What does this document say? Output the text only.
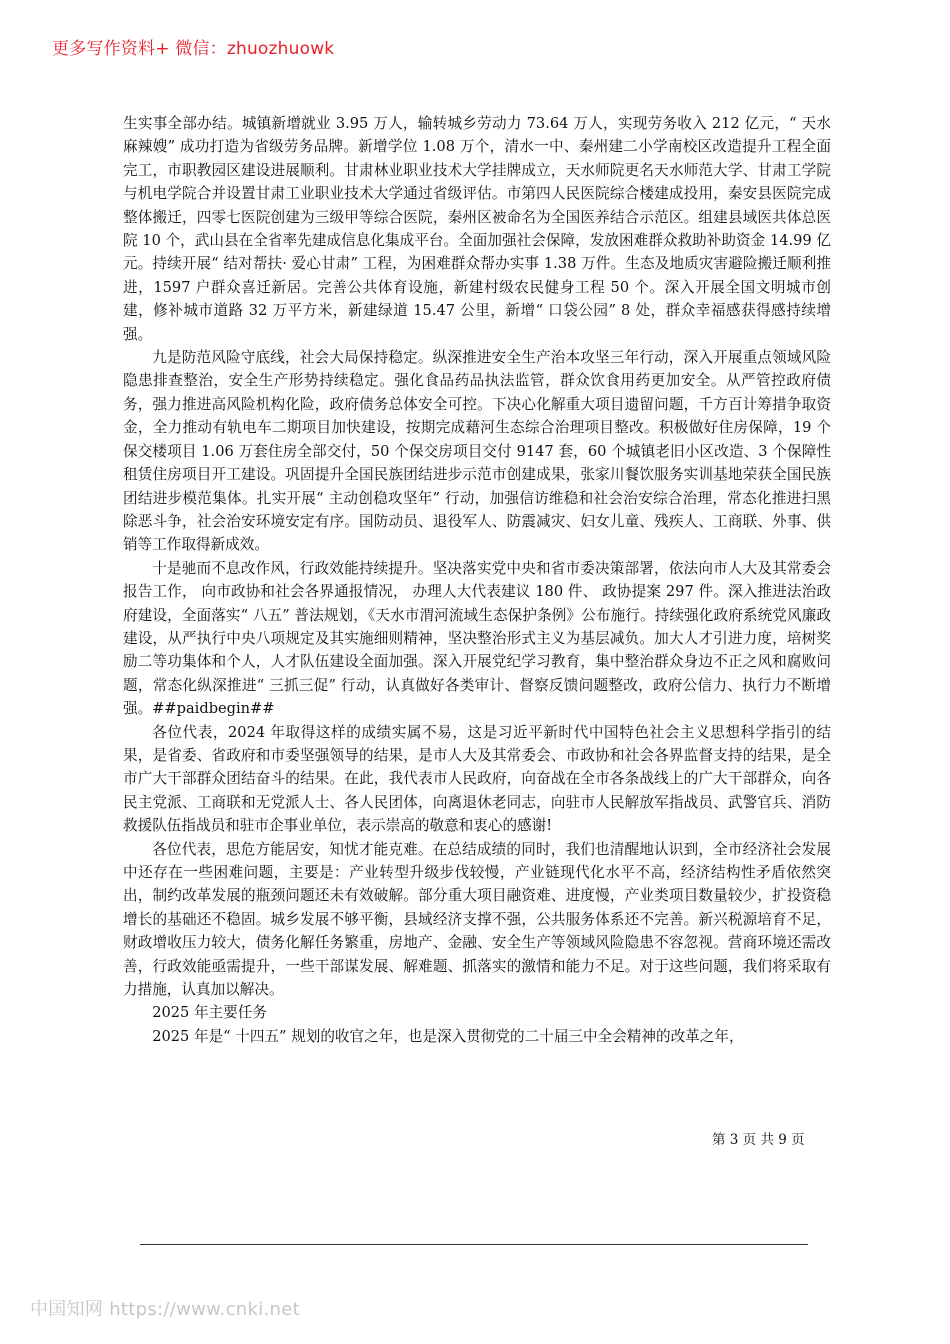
更多写作资料+ 微信：zhuozhuowk

生实事全部办结。城镇新增就业 3.95 万人，输转城乡劳动力 73.64 万人，实现劳务收入 212 亿元，“ 天水麻辣嫂” 成功打造为省级劳务品牌。新增学位 1.08 万个，清水一中、秦州建二小学南校区改造提升工程全面完工，市职教园区建设进展顺利。甘肃林业职业技术大学挂牌成立，天水师院更名天水师范大学、甘肃工学院与机电学院合并设置甘肃工业职业技术大学通过省级评估。市第四人民医院综合楼建成投用，秦安县医院完成整体搬迁，四零七医院创建为三级甲等综合医院，秦州区被命名为全国医养结合示范区。组建县域医共体总医院 10 个，武山县在全省率先建成信息化集成平台。全面加强社会保障，发放困难群众救助补助资金 14.99 亿元。持续开展“ 结对帮扶· 爱心甘肃” 工程，为困难群众帮办实事 1.38 万件。生态及地质灾害避险搬迁顺利推进，1597 户群众喜迁新居。完善公共体育设施，新建村级农民健身工程 50 个。深入开展全国文明城市创建，修补城市道路 32 万平方米，新建绿道 15.47 公里，新增“ 口袋公园” 8 处，群众幸福感获得感持续增强。

九是防范风险守底线，社会大局保持稳定。纵深推进安全生产治本攻坚三年行动，深入开展重点领域风险隐患排查整治，安全生产形势持续稳定。强化食品药品执法监管，群众饮食用药更加安全。从严管控政府债务，强力推进高风险机构化险，政府债务总体安全可控。下决心化解重大项目遗留问题，千方百计筹措争取资金，全力推动有轨电车二期项目加快建设，按期完成藉河生态综合治理项目整改。积极做好住房保障，19 个保交楼项目 1.06 万套住房全部交付，50 个保交房项目交付 9147 套，60 个城镇老旧小区改造、3 个保障性租赁住房项目开工建设。巩固提升全国民族团结进步示范市创建成果，张家川餐饮服务实训基地荣获全国民族团结进步模范集体。扎实开展“ 主动创稳攻坚年” 行动，加强信访维稳和社会治安综合治理，常态化推进扫黑除恶斗争，社会治安环境安定有序。国防动员、退役军人、防震减灾、妇女儿童、残疾人、工商联、外事、供销等工作取得新成效。

十是驰而不息改作风，行政效能持续提升。坚决落实党中央和省市委决策部署，依法向市人大及其常委会报告工作， 向市政协和社会各界通报情况， 办理人大代表建议 180 件、 政协提案 297 件。深入推进法治政府建设，全面落实“ 八五” 普法规划，《天水市渭河流域生态保护条例》公布施行。持续强化政府系统党风廉政建设，从严执行中央八项规定及其实施细则精神，坚决整治形式主义为基层减负。加大人才引进力度，培树奖励二等功集体和个人，人才队伍建设全面加强。深入开展党纪学习教育，集中整治群众身边不正之风和腐败问题，常态化纵深推进“ 三抓三促” 行动，认真做好各类审计、督察反馈问题整改，政府公信力、执行力不断增强。##paidbegin##

各位代表，2024 年取得这样的成绩实属不易，这是习近平新时代中国特色社会主义思想科学指引的结果，是省委、省政府和市委坚强领导的结果，是市人大及其常委会、市政协和社会各界监督支持的结果，是全市广大干部群众团结奋斗的结果。在此，我代表市人民政府，向奋战在全市各条战线上的广大干部群众，向各民主党派、工商联和无党派人士、各人民团体，向离退休老同志，向驻市人民解放军指战员、武警官兵、消防救援队伍指战员和驻市企事业单位，表示崇高的敬意和衷心的感谢!

各位代表，思危方能居安，知忧才能克难。在总结成绩的同时，我们也清醒地认识到，全市经济社会发展中还存在一些困难问题，主要是：产业转型升级步伐较慢，产业链现代化水平不高，经济结构性矛盾依然突出，制约改革发展的瓶颈问题还未有效破解。部分重大项目融资难、进度慢，产业类项目数量较少，扩投资稳增长的基础还不稳固。城乡发展不够平衡，县域经济支撑不强，公共服务体系还不完善。新兴税源培育不足，财政增收压力较大，债务化解任务繁重，房地产、金融、安全生产等领域风险隐患不容忽视。营商环境还需改善，行政效能亟需提升，一些干部谋发展、解难题、抓落实的激情和能力不足。对于这些问题，我们将采取有力措施，认真加以解决。

2025 年主要任务

2025 年是“ 十四五” 规划的收官之年，也是深入贯彻党的二十届三中全会精神的改革之年，

第 3 页 共 9 页
中国知网 https://www.cnki.net
